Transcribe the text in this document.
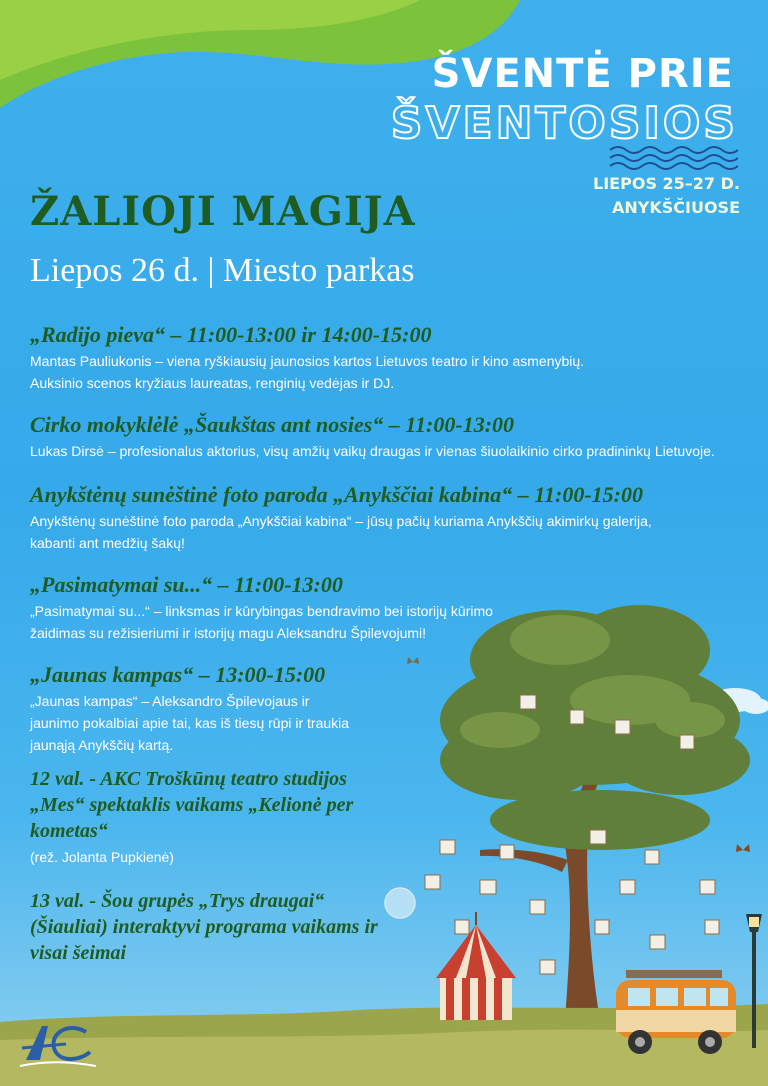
ŠVENTĖ PRIE
ŠVENTOSIOS
LIEPOS 25–27 D.
ANYKŠČIUOSE
ŽALIOJI MAGIJA
Liepos 26 d. | Miesto parkas

„Radijo pieva“ – 11:00-13:00 ir 14:00-15:00

Mantas Pauliukonis – viena ryškiausių jaunosios kartos Lietuvos teatro ir kino asmenybių. Auksinio scenos kryžiaus laureatas, renginių vedėjas ir DJ.

Cirko mokyklėlė „Šaukštas ant nosies“ – 11:00-13:00

Lukas Dirsė – profesionalus aktorius, visų amžių vaikų draugas ir vienas šiuolaikinio cirko pradininkų Lietuvoje.

Anykštėnų sunėštinė foto paroda „Anykščiai kabina“ – 11:00-15:00

Anykštėnų sunėštinė foto paroda „Anykščiai kabina“ – jūsų pačių kuriama Anykščių akimirkų galerija, kabanti ant medžių šakų!

„Pasimatymai su...“ – 11:00-13:00

„Pasimatymai su...“ – linksmas ir kūrybingas bendravimo bei istorijų kūrimo žaidimas su režisieriumi ir istorijų magu Aleksandru Špilevojumi!

„Jaunas kampas“ – 13:00-15:00

„Jaunas kampas“ – Aleksandro Špilevojaus ir jaunimo pokalbiai apie tai, kas iš tiesų rūpi ir traukia jaunąją Anykščių kartą.

12 val. - AKC Troškūnų teatro studijos „Mes“ spektaklis vaikams „Kelionė per kometas“

(rež. Jolanta Pupkienė)

13 val. - Šou grupės „Trys draugai“ (Šiauliai) interaktyvi programa vaikams ir visai šeimai
